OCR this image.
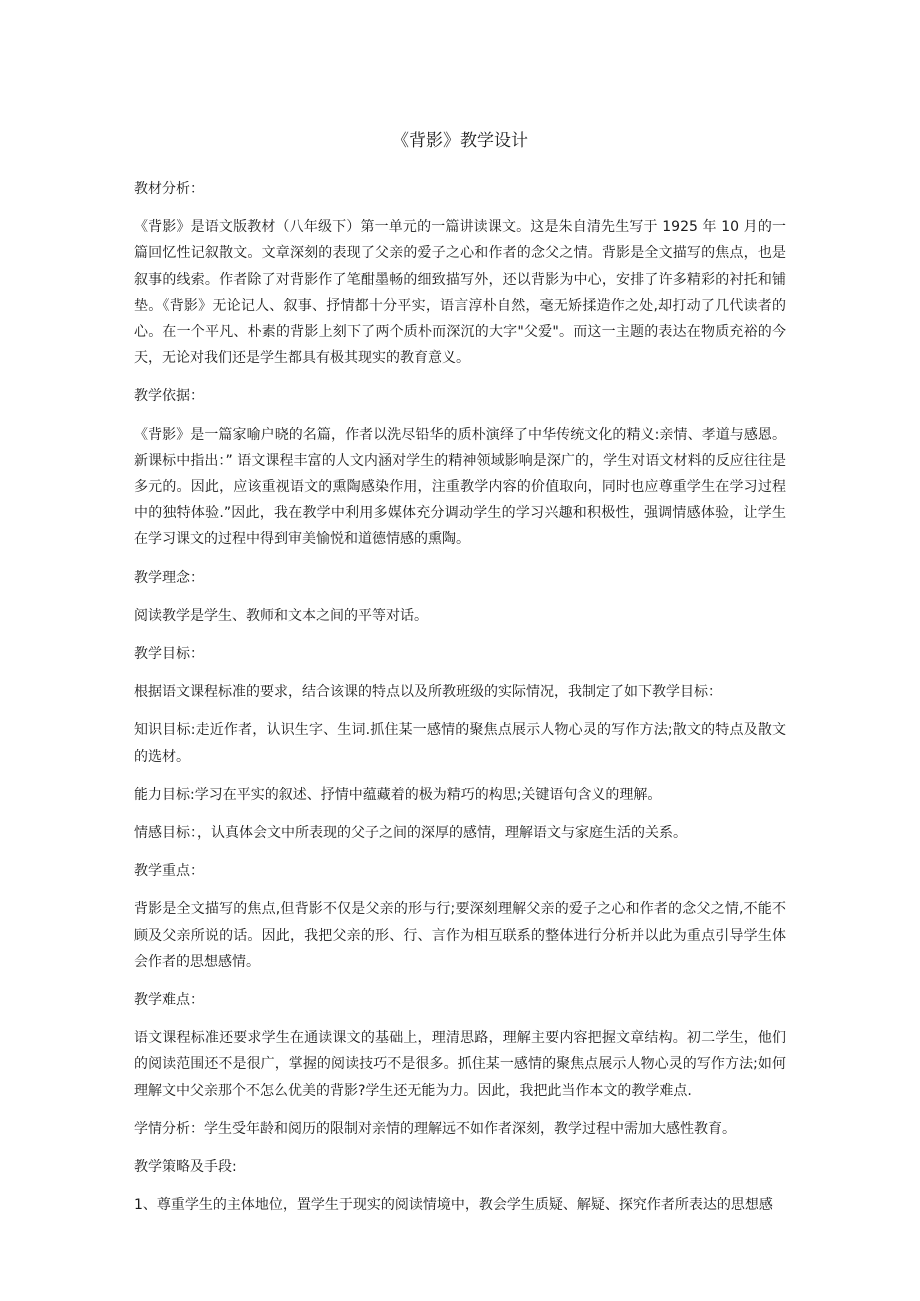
《背影》教学设计

教材分析：

《背影》是语文版教材（八年级下）第一单元的一篇讲读课文。这是朱自清先生写于 1925 年 10 月的一篇回忆性记叙散文。文章深刻的表现了父亲的爱子之心和作者的念父之情。背影是全文描写的焦点，也是叙事的线索。作者除了对背影作了笔酣墨畅的细致描写外，还以背影为中心，安排了许多精彩的衬托和铺垫。《背影》无论记人、叙事、抒情都十分平实，语言淳朴自然，毫无矫揉造作之处,却打动了几代读者的心。在一个平凡、朴素的背影上刻下了两个质朴而深沉的大字"父爱"。而这一主题的表达在物质充裕的今天，无论对我们还是学生都具有极其现实的教育意义。

教学依据：

《背影》是一篇家喻户晓的名篇，作者以洗尽铅华的质朴演绎了中华传统文化的精义:亲情、孝道与感恩。新课标中指出：” 语文课程丰富的人文内涵对学生的精神领域影响是深广的，学生对语文材料的反应往往是多元的。因此，应该重视语文的熏陶感染作用，注重教学内容的价值取向，同时也应尊重学生在学习过程中的独特体验.”因此，我在教学中利用多媒体充分调动学生的学习兴趣和积极性，强调情感体验，让学生在学习课文的过程中得到审美愉悦和道德情感的熏陶。

教学理念：

阅读教学是学生、教师和文本之间的平等对话。

教学目标：

根据语文课程标准的要求，结合该课的特点以及所教班级的实际情况，我制定了如下教学目标：

知识目标:走近作者，认识生字、生词.抓住某一感情的聚焦点展示人物心灵的写作方法;散文的特点及散文的选材。

能力目标:学习在平实的叙述、抒情中蕴藏着的极为精巧的构思;关键语句含义的理解。

情感目标：，认真体会文中所表现的父子之间的深厚的感情，理解语文与家庭生活的关系。

教学重点：

背影是全文描写的焦点,但背影不仅是父亲的形与行;要深刻理解父亲的爱子之心和作者的念父之情,不能不顾及父亲所说的话。因此，我把父亲的形、行、言作为相互联系的整体进行分析并以此为重点引导学生体会作者的思想感情。

教学难点：

语文课程标准还要求学生在通读课文的基础上，理清思路，理解主要内容把握文章结构。初二学生，他们的阅读范围还不是很广，掌握的阅读技巧不是很多。抓住某一感情的聚焦点展示人物心灵的写作方法;如何理解文中父亲那个不怎么优美的背影?学生还无能为力。因此，我把此当作本文的教学难点.

学情分析：学生受年龄和阅历的限制对亲情的理解远不如作者深刻，教学过程中需加大感性教育。

教学策略及手段:

1、尊重学生的主体地位，置学生于现实的阅读情境中，教会学生质疑、解疑、探究作者所表达的思想感
